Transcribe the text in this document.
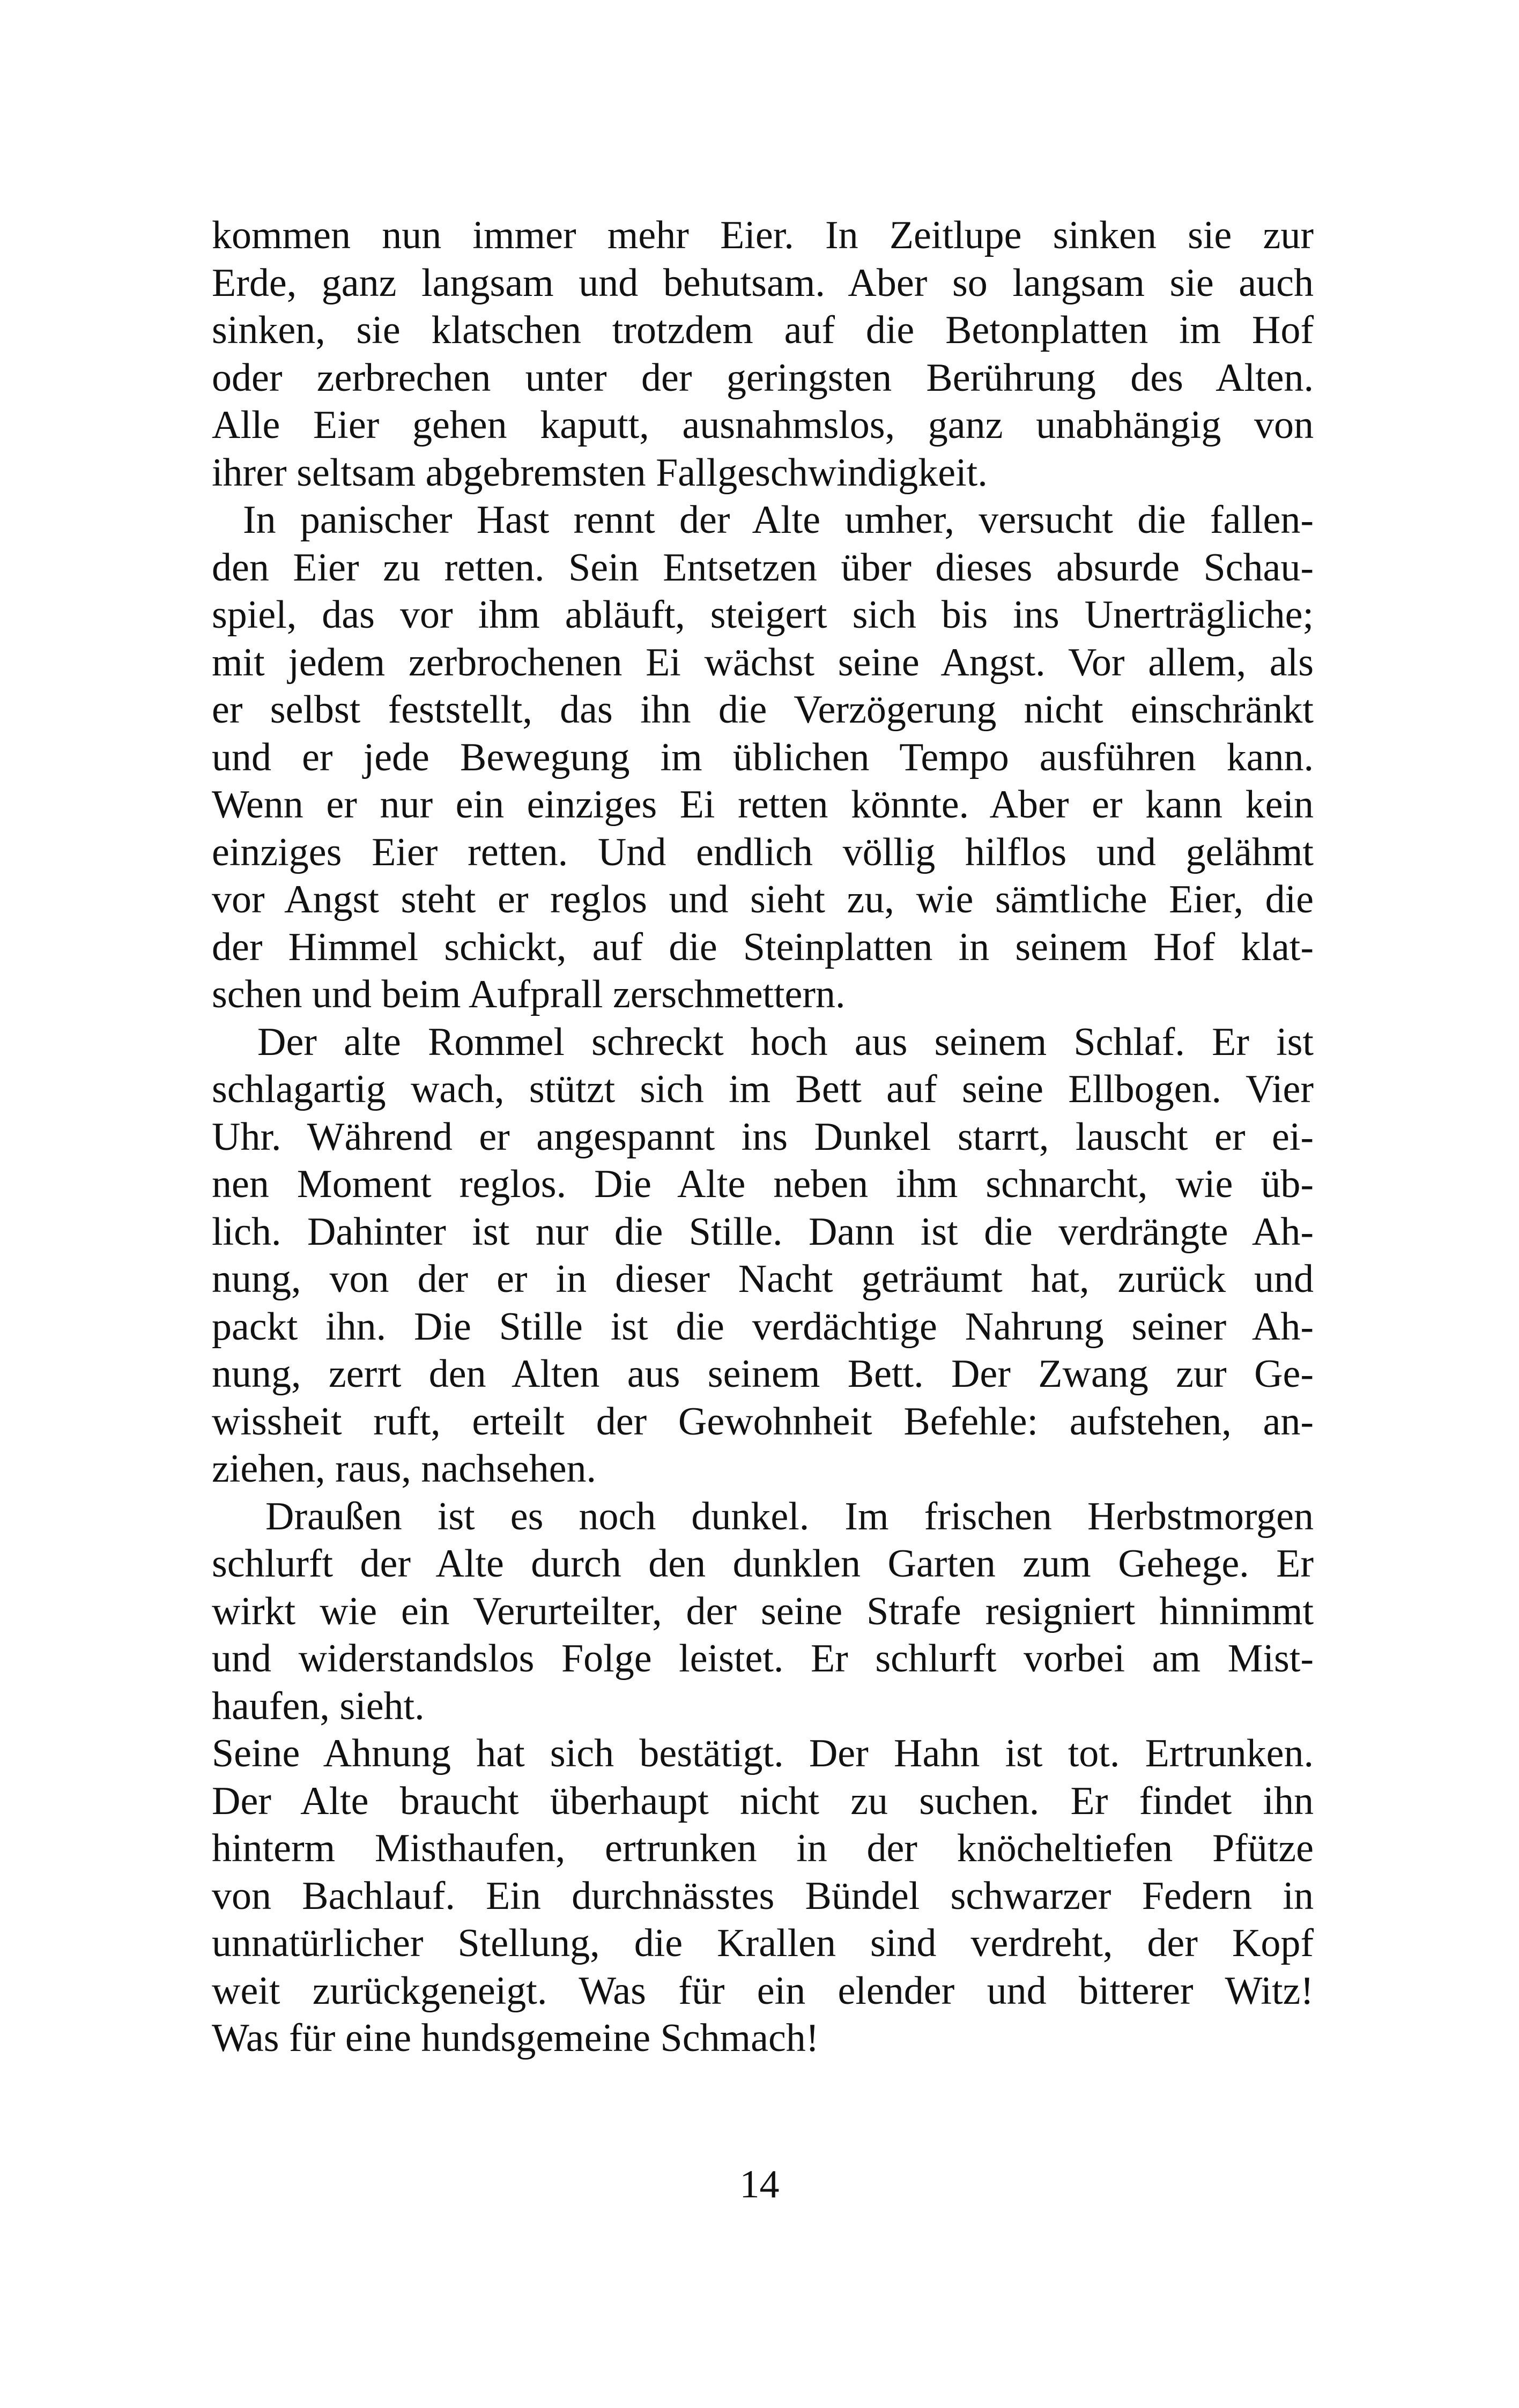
kommen nun immer mehr Eier. In Zeitlupe sinken sie zur
Erde, ganz langsam und behutsam. Aber so langsam sie auch
sinken, sie klatschen trotzdem auf die Betonplatten im Hof
oder zerbrechen unter der geringsten Berührung des Alten.
Alle Eier gehen kaputt, ausnahmslos, ganz unabhängig von
ihrer seltsam abgebremsten Fallgeschwindigkeit.
In panischer Hast rennt der Alte umher, versucht die fallen-
den Eier zu retten. Sein Entsetzen über dieses absurde Schau-
spiel, das vor ihm abläuft, steigert sich bis ins Unerträgliche;
mit jedem zerbrochenen Ei wächst seine Angst. Vor allem, als
er selbst feststellt, das ihn die Verzögerung nicht einschränkt
und er jede Bewegung im üblichen Tempo ausführen kann.
Wenn er nur ein einziges Ei retten könnte. Aber er kann kein
einziges Eier retten. Und endlich völlig hilflos und gelähmt
vor Angst steht er reglos und sieht zu, wie sämtliche Eier, die
der Himmel schickt, auf die Steinplatten in seinem Hof klat-
schen und beim Aufprall zerschmettern.
Der alte Rommel schreckt hoch aus seinem Schlaf. Er ist
schlagartig wach, stützt sich im Bett auf seine Ellbogen. Vier
Uhr. Während er angespannt ins Dunkel starrt, lauscht er ei-
nen Moment reglos. Die Alte neben ihm schnarcht, wie üb-
lich. Dahinter ist nur die Stille. Dann ist die verdrängte Ah-
nung, von der er in dieser Nacht geträumt hat, zurück und
packt ihn. Die Stille ist die verdächtige Nahrung seiner Ah-
nung, zerrt den Alten aus seinem Bett. Der Zwang zur Ge-
wissheit ruft, erteilt der Gewohnheit Befehle: aufstehen, an-
ziehen, raus, nachsehen.
Draußen ist es noch dunkel. Im frischen Herbstmorgen
schlurft der Alte durch den dunklen Garten zum Gehege. Er
wirkt wie ein Verurteilter, der seine Strafe resigniert hinnimmt
und widerstandslos Folge leistet. Er schlurft vorbei am Mist-
haufen, sieht.
Seine Ahnung hat sich bestätigt. Der Hahn ist tot. Ertrunken.
Der Alte braucht überhaupt nicht zu suchen. Er findet ihn
hinterm Misthaufen, ertrunken in der knöcheltiefen Pfütze
von Bachlauf. Ein durchnässtes Bündel schwarzer Federn in
unnatürlicher Stellung, die Krallen sind verdreht, der Kopf
weit zurückgeneigt. Was für ein elender und bitterer Witz!
Was für eine hundsgemeine Schmach!
14
